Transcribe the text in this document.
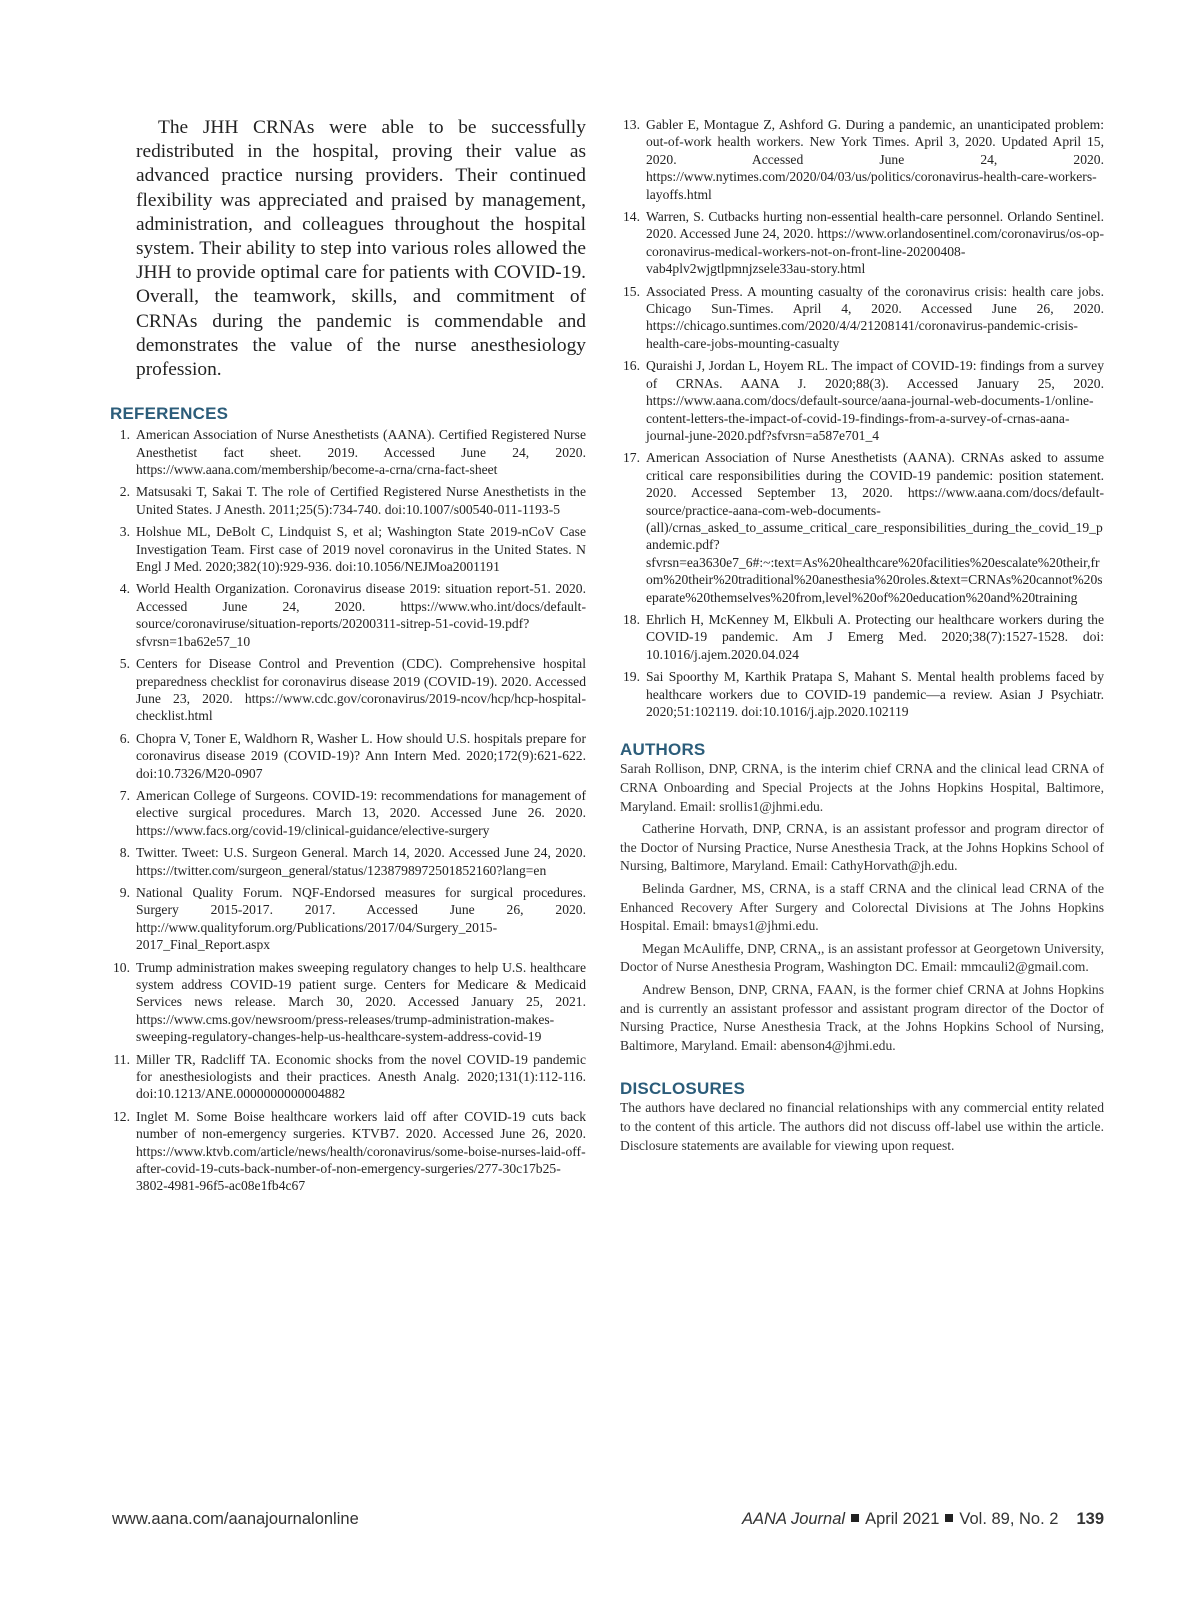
The JHH CRNAs were able to be successfully redistributed in the hospital, proving their value as advanced practice nursing providers. Their continued flexibility was appreciated and praised by management, administration, and colleagues throughout the hospital system. Their ability to step into various roles allowed the JHH to provide optimal care for patients with COVID-19. Overall, the teamwork, skills, and commitment of CRNAs during the pandemic is commendable and demonstrates the value of the nurse anesthesiology profession.

REFERENCES
1. American Association of Nurse Anesthetists (AANA). Certified Registered Nurse Anesthetist fact sheet. 2019. Accessed June 24, 2020. https://www.aana.com/membership/become-a-crna/crna-fact-sheet
2. Matsusaki T, Sakai T. The role of Certified Registered Nurse Anesthetists in the United States. J Anesth. 2011;25(5):734-740. doi:10.1007/s00540-011-1193-5
3. Holshue ML, DeBolt C, Lindquist S, et al; Washington State 2019-nCoV Case Investigation Team. First case of 2019 novel coronavirus in the United States. N Engl J Med. 2020;382(10):929-936. doi:10.1056/NEJMoa2001191
4. World Health Organization. Coronavirus disease 2019: situation report-51. 2020. Accessed June 24, 2020. https://www.who.int/docs/default-source/coronaviruse/situation-reports/20200311-sitrep-51-covid-19.pdf?sfvrsn=1ba62e57_10
5. Centers for Disease Control and Prevention (CDC). Comprehensive hospital preparedness checklist for coronavirus disease 2019 (COVID-19). 2020. Accessed June 23, 2020. https://www.cdc.gov/coronavirus/2019-ncov/hcp/hcp-hospital-checklist.html
6. Chopra V, Toner E, Waldhorn R, Washer L. How should U.S. hospitals prepare for coronavirus disease 2019 (COVID-19)? Ann Intern Med. 2020;172(9):621-622. doi:10.7326/M20-0907
7. American College of Surgeons. COVID-19: recommendations for management of elective surgical procedures. March 13, 2020. Accessed June 26. 2020. https://www.facs.org/covid-19/clinical-guidance/elective-surgery
8. Twitter. Tweet: U.S. Surgeon General. March 14, 2020. Accessed June 24, 2020. https://twitter.com/surgeon_general/status/1238798972501852160?lang=en
9. National Quality Forum. NQF-Endorsed measures for surgical procedures. Surgery 2015-2017. 2017. Accessed June 26, 2020. http://www.qualityforum.org/Publications/2017/04/Surgery_2015-2017_Final_Report.aspx
10. Trump administration makes sweeping regulatory changes to help U.S. healthcare system address COVID-19 patient surge. Centers for Medicare & Medicaid Services news release. March 30, 2020. Accessed January 25, 2021. https://www.cms.gov/newsroom/press-releases/trump-administration-makes-sweeping-regulatory-changes-help-us-healthcare-system-address-covid-19
11. Miller TR, Radcliff TA. Economic shocks from the novel COVID-19 pandemic for anesthesiologists and their practices. Anesth Analg. 2020;131(1):112-116. doi:10.1213/ANE.0000000000004882
12. Inglet M. Some Boise healthcare workers laid off after COVID-19 cuts back number of non-emergency surgeries. KTVB7. 2020. Accessed June 26, 2020. https://www.ktvb.com/article/news/health/coronavirus/some-boise-nurses-laid-off-after-covid-19-cuts-back-number-of-non-emergency-surgeries/277-30c17b25-3802-4981-96f5-ac08e1fb4c67
13. Gabler E, Montague Z, Ashford G. During a pandemic, an unanticipated problem: out-of-work health workers. New York Times. April 3, 2020. Updated April 15, 2020. Accessed June 24, 2020. https://www.nytimes.com/2020/04/03/us/politics/coronavirus-health-care-workers-layoffs.html
14. Warren, S. Cutbacks hurting non-essential health-care personnel. Orlando Sentinel. 2020. Accessed June 24, 2020. https://www.orlandosentinel.com/coronavirus/os-op-coronavirus-medical-workers-not-on-front-line-20200408-vab4plv2wjgtlpmnjzsele33au-story.html
15. Associated Press. A mounting casualty of the coronavirus crisis: health care jobs. Chicago Sun-Times. April 4, 2020. Accessed June 26, 2020. https://chicago.suntimes.com/2020/4/4/21208141/coronavirus-pandemic-crisis-health-care-jobs-mounting-casualty
16. Quraishi J, Jordan L, Hoyem RL. The impact of COVID-19: findings from a survey of CRNAs. AANA J. 2020;88(3). Accessed January 25, 2020. https://www.aana.com/docs/default-source/aana-journal-web-documents-1/online-content-letters-the-impact-of-covid-19-findings-from-a-survey-of-crnas-aana-journal-june-2020.pdf?sfvrsn=a587e701_4
17. American Association of Nurse Anesthetists (AANA). CRNAs asked to assume critical care responsibilities during the COVID-19 pandemic: position statement. 2020. Accessed September 13, 2020. https://www.aana.com/docs/default-source/practice-aana-com-web-documents-(all)/crnas_asked_to_assume_critical_care_responsibilities_during_the_covid_19_pandemic.pdf?sfvrsn=ea3630e7_6#:~:text=As%20healthcare%20facilities%20escalate%20their,from%20their%20traditional%20anesthesia%20roles.&text=CRNAs%20cannot%20separate%20themselves%20from,level%20of%20education%20and%20training
18. Ehrlich H, McKenney M, Elkbuli A. Protecting our healthcare workers during the COVID-19 pandemic. Am J Emerg Med. 2020;38(7):1527-1528. doi: 10.1016/j.ajem.2020.04.024
19. Sai Spoorthy M, Karthik Pratapa S, Mahant S. Mental health problems faced by healthcare workers due to COVID-19 pandemic—a review. Asian J Psychiatr. 2020;51:102119. doi:10.1016/j.ajp.2020.102119
AUTHORS

Sarah Rollison, DNP, CRNA, is the interim chief CRNA and the clinical lead CRNA of CRNA Onboarding and Special Projects at the Johns Hopkins Hospital, Baltimore, Maryland. Email: srollis1@jhmi.edu.

Catherine Horvath, DNP, CRNA, is an assistant professor and program director of the Doctor of Nursing Practice, Nurse Anesthesia Track, at the Johns Hopkins School of Nursing, Baltimore, Maryland. Email: CathyHorvath@jh.edu.

Belinda Gardner, MS, CRNA, is a staff CRNA and the clinical lead CRNA of the Enhanced Recovery After Surgery and Colorectal Divisions at The Johns Hopkins Hospital. Email: bmays1@jhmi.edu.

Megan McAuliffe, DNP, CRNA,, is an assistant professor at Georgetown University, Doctor of Nurse Anesthesia Program, Washington DC. Email: mmcauli2@gmail.com.

Andrew Benson, DNP, CRNA, FAAN, is the former chief CRNA at Johns Hopkins and is currently an assistant professor and assistant program director of the Doctor of Nursing Practice, Nurse Anesthesia Track, at the Johns Hopkins School of Nursing, Baltimore, Maryland. Email: abenson4@jhmi.edu.

DISCLOSURES

The authors have declared no financial relationships with any commercial entity related to the content of this article. The authors did not discuss off-label use within the article. Disclosure statements are available for viewing upon request.

www.aana.com/aanajournalonline	AANA Journal April 2021 Vol. 89, No. 2 139
